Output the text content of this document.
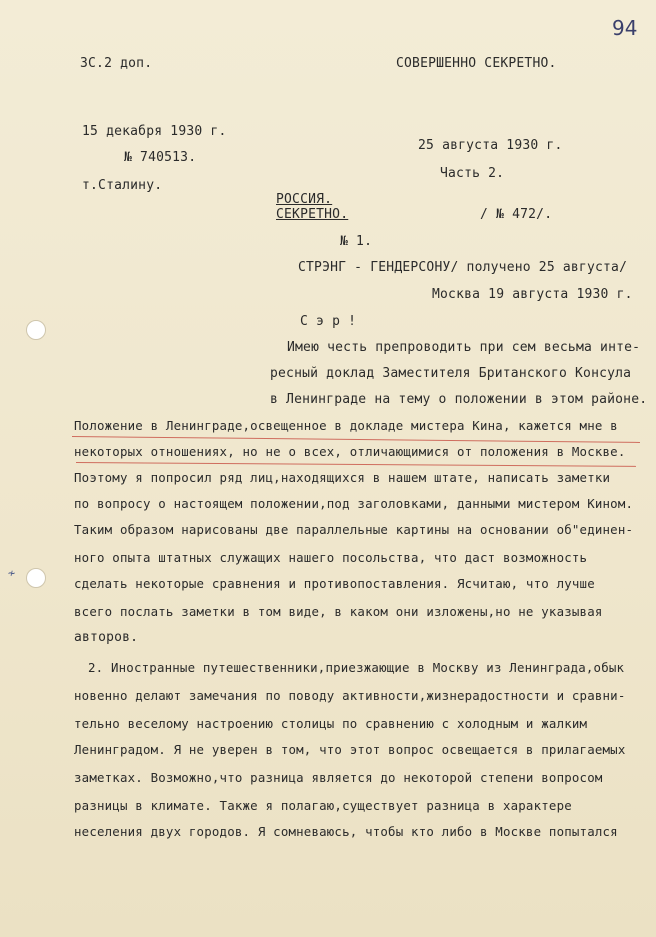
94
≁
ЗС.2 доп.	СОВЕРШЕННО СЕКРЕТНО.
15 декабря 1930 г.
№ 740513.
т.Сталину.
25 августа 1930 г.
Часть 2.
РОССИЯ.
СЕКРЕТНО.	/ № 472/.
№ 1.
СТРЭНГ - ГЕНДЕРСОНУ/ получено 25 августа/
Москва 19 августа 1930 г.
С э р !
Имею честь препроводить при сем весьма инте-
ресный доклад Заместителя Британского Консула
в Ленинграде на тему о положении в этом районе.
Положение в Ленинграде,освещенное в докладе мистера Кина, кажется мне в
некоторых отношениях, но не о всех, отличающимися от положения в Москве.
Поэтому я попросил ряд лиц,находящихся в нашем штате, написать заметки
по вопросу о настоящем положении,под заголовками, данными мистером Кином.
Таким образом нарисованы две параллельные картины на основании об"единен-
ного опыта штатных служащих нашего посольства, что даст возможность
сделать некоторые сравнения и противопоставления. Ясчитаю, что лучше
всего послать заметки в том виде, в каком они изложены,но не указывая
авторов.
2. Иностранные путешественники,приезжающие в Москву из Ленинграда,обык
новенно делают замечания по поводу активности,жизнерадостности и сравни-
тельно веселому настроению столицы по сравнению с холодным и жалким
Ленинградом. Я не уверен в том, что этот вопрос освещается в прилагаемых
заметках. Возможно,что разница является до некоторой степени вопросом
разницы в климате. Также я полагаю,существует разница в характере
неселения двух городов. Я сомневаюсь, чтобы кто либо в Москве попытался
